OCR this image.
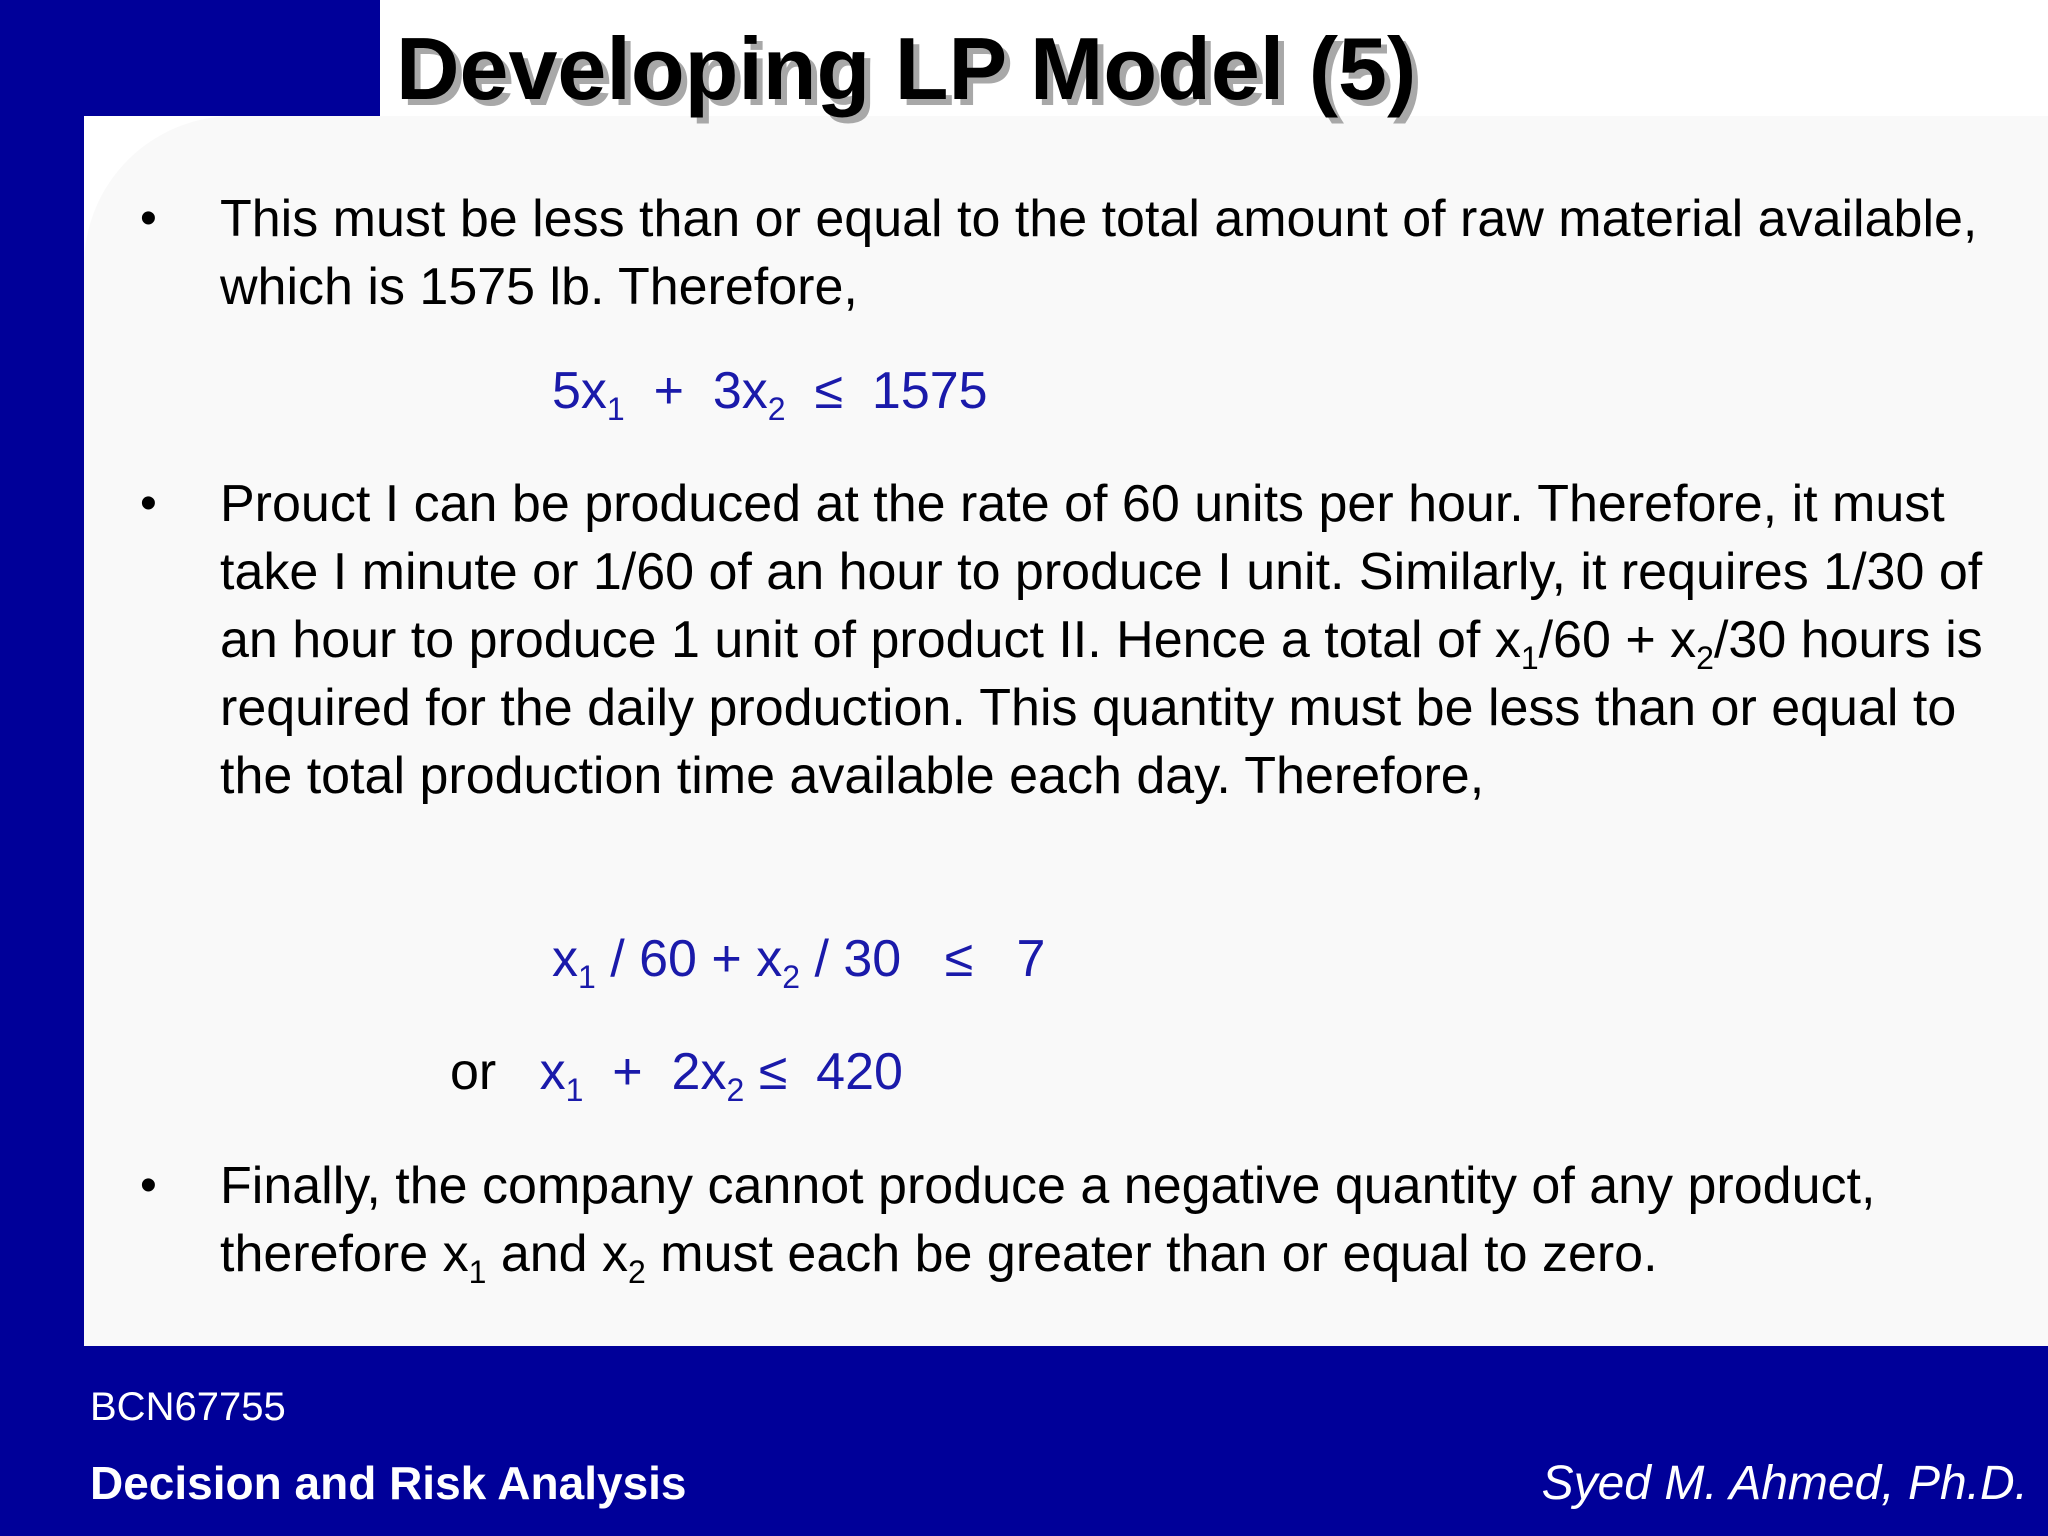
Developing LP Model (5)
• This must be less than or equal to the total amount of raw material available, which is 1575 lb. Therefore,
$5x_1 + 3x_2 \le 1575$
• Prouct I can be produced at the rate of 60 units per hour. Therefore, it must take I minute or 1/60 of an hour to produce I unit. Similarly, it requires 1/30 of an hour to produce 1 unit of product II. Hence a total of $x_1/60 + x_2/30$ hours is required for the daily production. This quantity must be less than or equal to the total production time available each day. Therefore,
$x_1 / 60 + x_2 / 30 \le 7$
or $x_1 + 2x_2 \le 420$
• Finally, the company cannot produce a negative quantity of any product, therefore $x_1$ and $x_2$ must each be greater than or equal to zero.
BCN67755
Decision and Risk Analysis	Syed M. Ahmed, Ph.D.
